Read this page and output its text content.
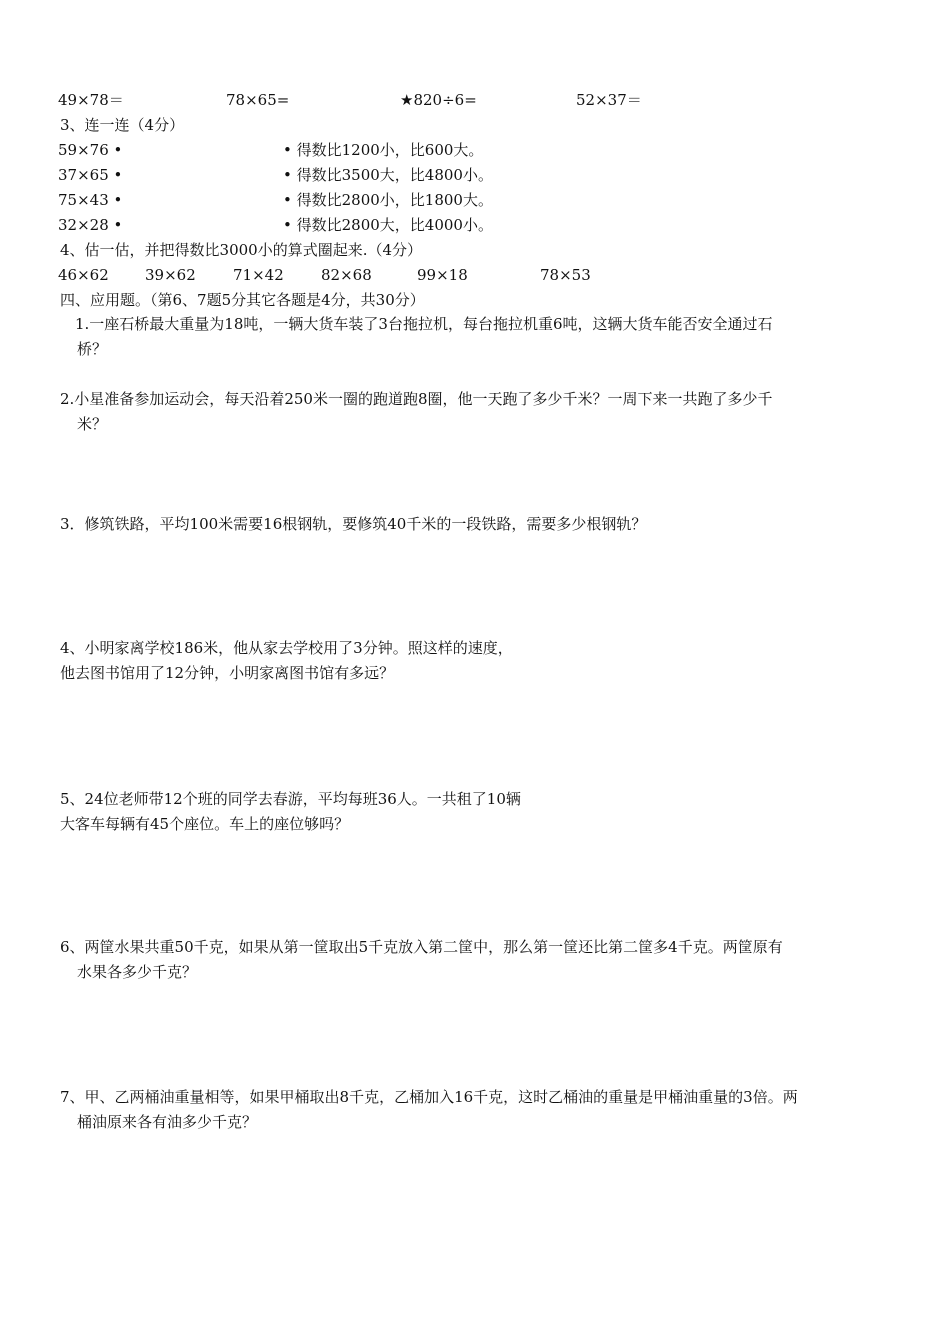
49×78＝	78×65=	★820÷6=	52×37＝
3、连一连（4分）
59×76 •	• 得数比1200小，比600大。
37×65 •	• 得数比3500大，比4800小。
75×43 •	• 得数比2800小，比1800大。
32×28 •	• 得数比2800大，比4000小。
4、估一估，并把得数比3000小的算式圈起来.（4分）
46×62 39×62 71×42 82×68	99×18	78×53
四、应用题。（第6、7题5分其它各题是4分，共30分）
1.一座石桥最大重量为18吨，一辆大货车装了3台拖拉机，每台拖拉机重6吨，这辆大货车能否安全通过石
桥？
2.小星准备参加运动会，每天沿着250米一圈的跑道跑8圈，他一天跑了多少千米？一周下来一共跑了多少千
米？
3．修筑铁路，平均100米需要16根钢轨，要修筑40千米的一段铁路，需要多少根钢轨？
4、小明家离学校186米，他从家去学校用了3分钟。照这样的速度，
他去图书馆用了12分钟，小明家离图书馆有多远？
5、24位老师带12个班的同学去春游，平均每班36人。一共租了10辆
大客车每辆有45个座位。车上的座位够吗？
6、两筐水果共重50千克，如果从第一筐取出5千克放入第二筐中，那么第一筐还比第二筐多4千克。两筐原有
水果各多少千克？
7、甲、乙两桶油重量相等，如果甲桶取出8千克，乙桶加入16千克，这时乙桶油的重量是甲桶油重量的3倍。两
桶油原来各有油多少千克？
